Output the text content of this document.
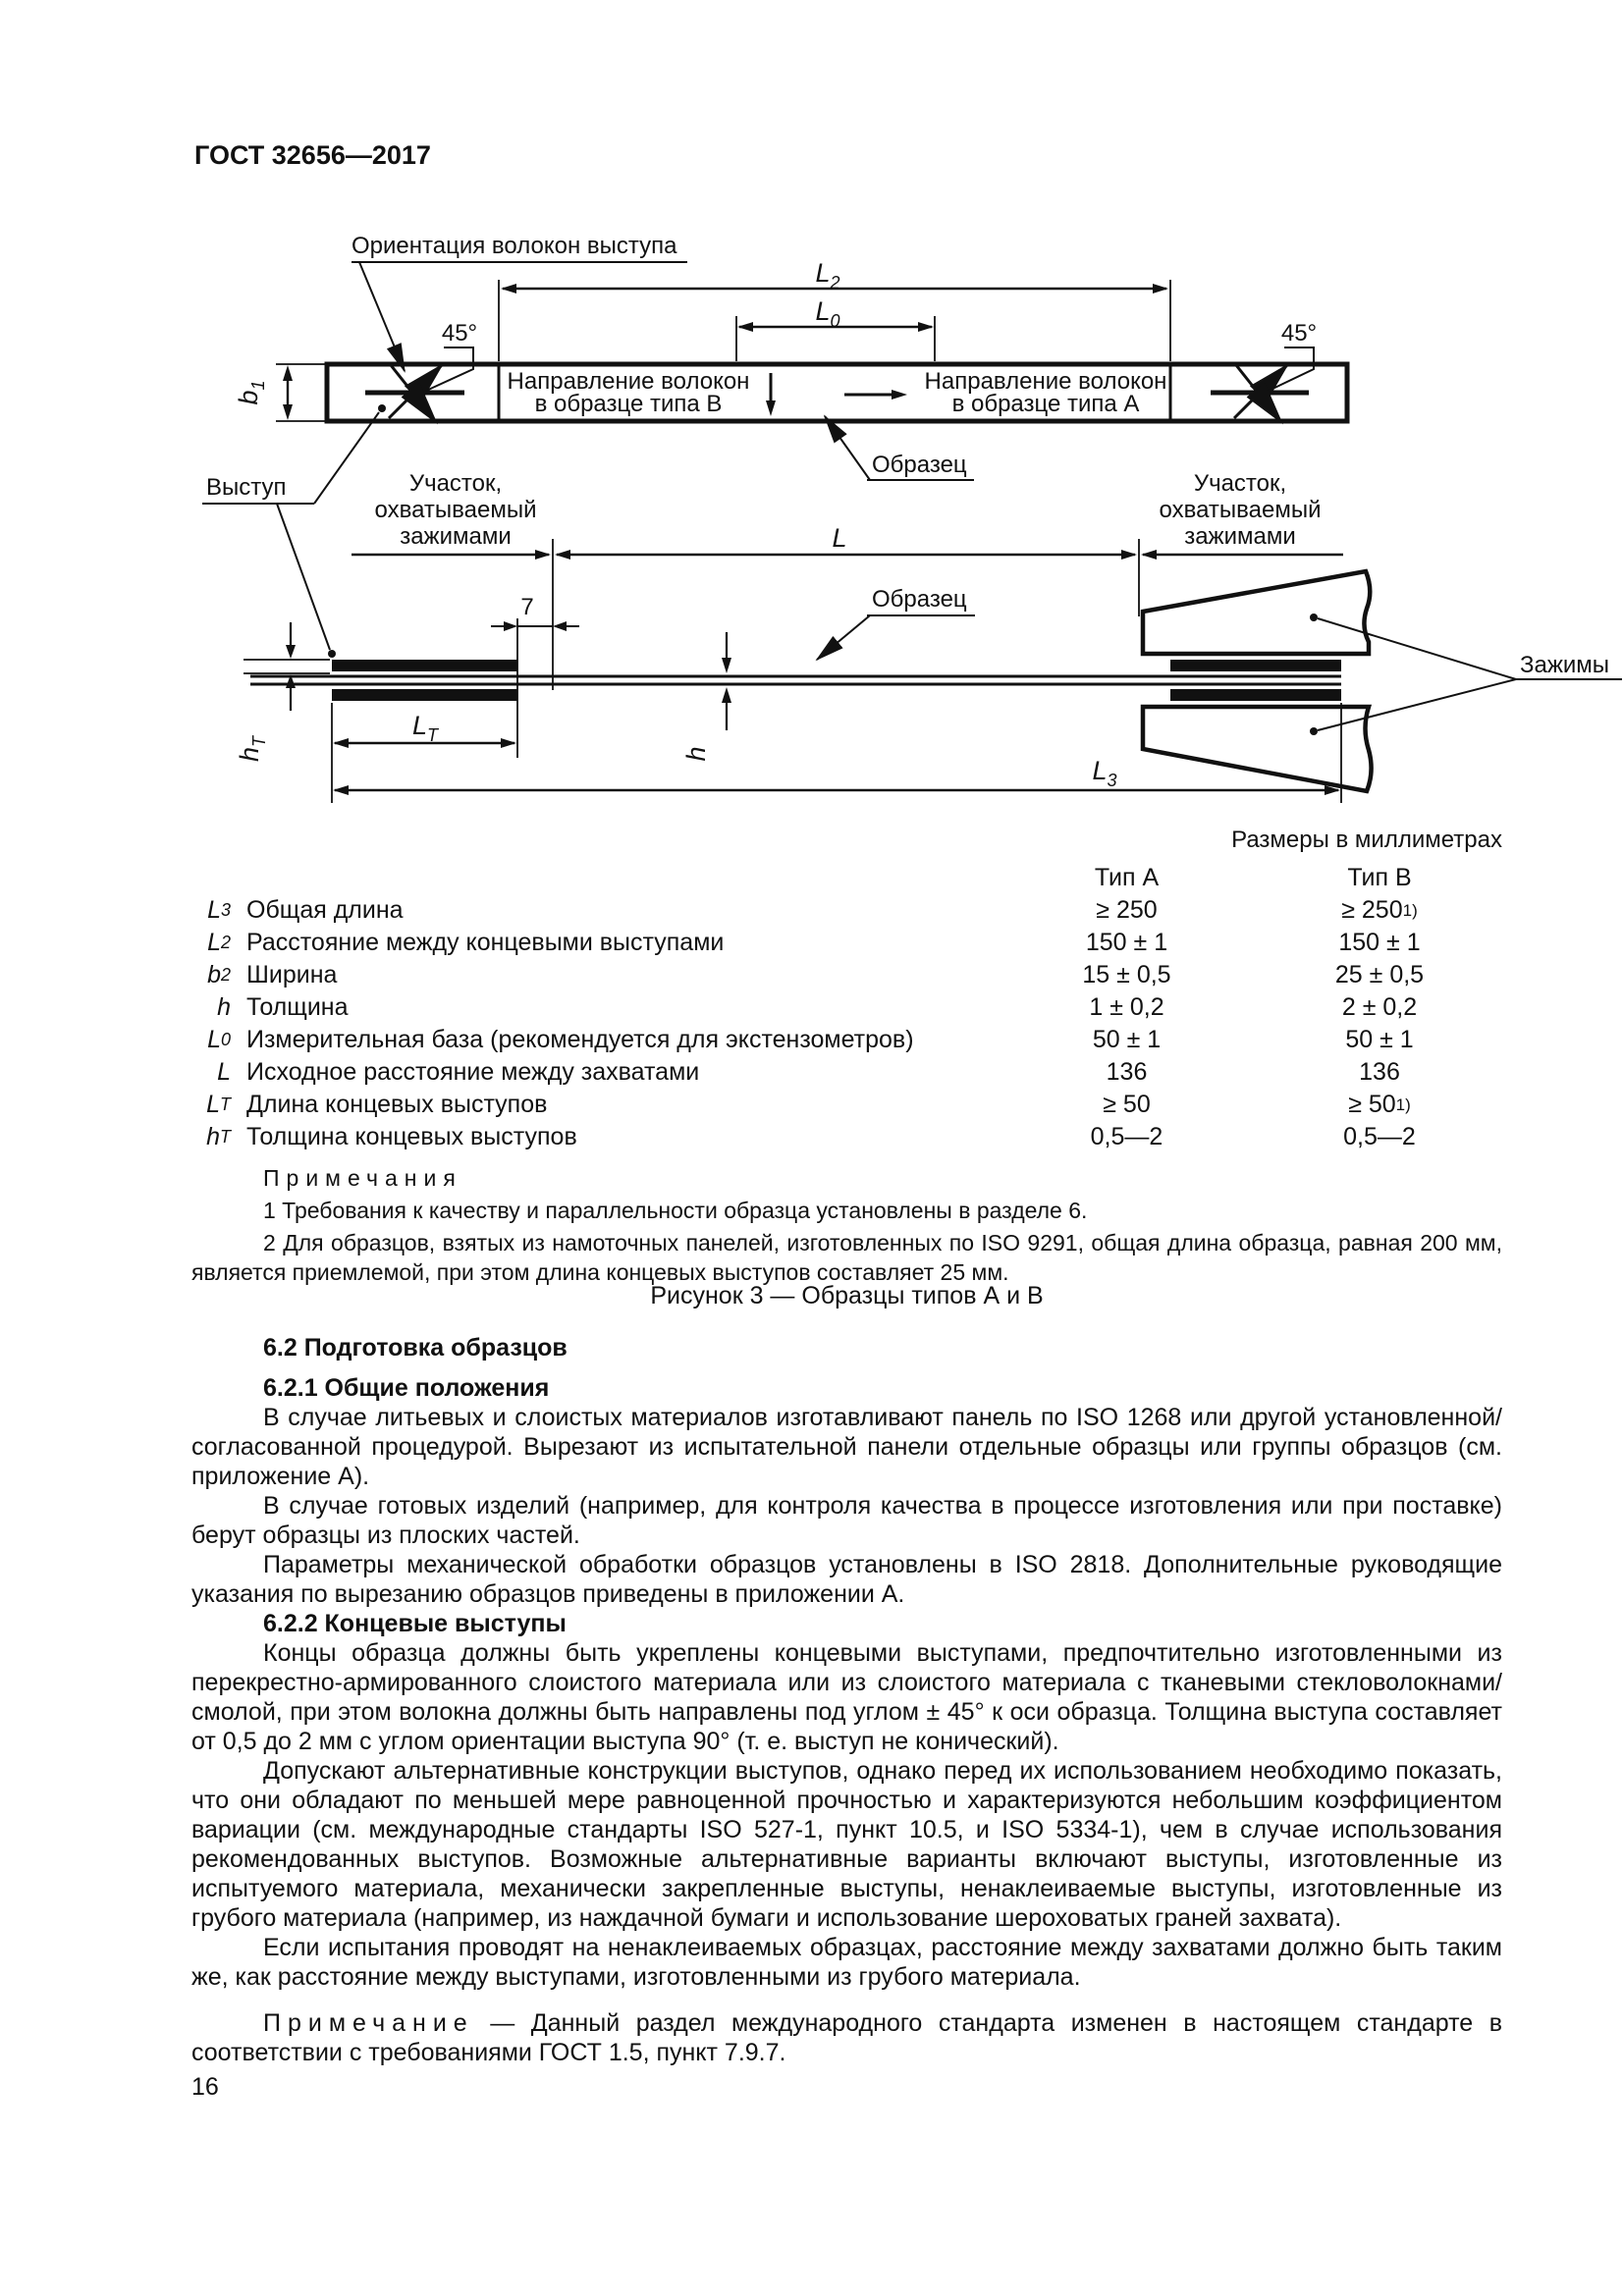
ГОСТ 32656—2017
Ориентация волокон выступа
45°	45°
$L_2$
$L_0$
$b_1$	Направление волокон в образце типа В
Направление волокон в образце типа А
Образец
Выступ	Участок, охватываемый зажимами
Участок, охватываемый зажимами
7
L
Образец
$h_Т$
$L_Т$
h
$L_3$
Зажимы
Размеры в миллиметрах
Тип А	Тип В
L 3 Общая длина	≥ 250	≥ 250 1)
L 2 Расстояние между концевыми выступами	150 ± 1	150 ± 1
b 2 Ширина	15 ± 0,5	25 ± 0,5
h Толщина	1 ± 0,2	2 ± 0,2
L 0 Измерительная база (рекомендуется для экстензометров)	50 ± 1	50 ± 1
L Исходное расстояние между захватами	136	136
L Т Длина концевых выступов	≥ 50	≥ 50 1)
h Т Толщина концевых выступов	0,5—2	0,5—2
Примечания

1 Требования к качеству и параллельности образца установлены в разделе 6.

2 Для образцов, взятых из намоточных панелей, изготовленных по ISO 9291, общая длина образца, равная 200 мм, является приемлемой, при этом длина концевых выступов составляет 25 мм.

Рисунок 3 — Образцы типов А и В
6.2 Подготовка образцов
6.2.1 Общие положения

В случае литьевых и слоистых материалов изготавливают панель по ISO 1268 или другой установленной/согласованной процедурой. Вырезают из испытательной панели отдельные образцы или группы образцов (см. приложение А).

В случае готовых изделий (например, для контроля качества в процессе изготовления или при поставке) берут образцы из плоских частей.

Параметры механической обработки образцов установлены в ISO 2818. Дополнительные руководящие указания по вырезанию образцов приведены в приложении А.

6.2.2 Концевые выступы

Концы образца должны быть укреплены концевыми выступами, предпочтительно изготовленными из перекрестно-армированного слоистого материала или из слоистого материала с тканевыми стекловолокнами/смолой, при этом волокна должны быть направлены под углом ± 45° к оси образца. Толщина выступа составляет от 0,5 до 2 мм с углом ориентации выступа 90° (т. е. выступ не конический).

Допускают альтернативные конструкции выступов, однако перед их использованием необходимо показать, что они обладают по меньшей мере равноценной прочностью и характеризуются небольшим коэффициентом вариации (см. международные стандарты ISO 527-1, пункт 10.5, и ISO 5334-1), чем в случае использования рекомендованных выступов. Возможные альтернативные варианты включают выступы, изготовленные из испытуемого материала, механически закрепленные выступы, ненаклеиваемые выступы, изготовленные из грубого материала (например, из наждачной бумаги и использование шероховатых граней захвата).

Если испытания проводят на ненаклеиваемых образцах, расстояние между захватами должно быть таким же, как расстояние между выступами, изготовленными из грубого материала.

Примечание — Данный раздел международного стандарта изменен в настоящем стандарте в соответствии с требованиями ГОСТ 1.5, пункт 7.9.7.

16
